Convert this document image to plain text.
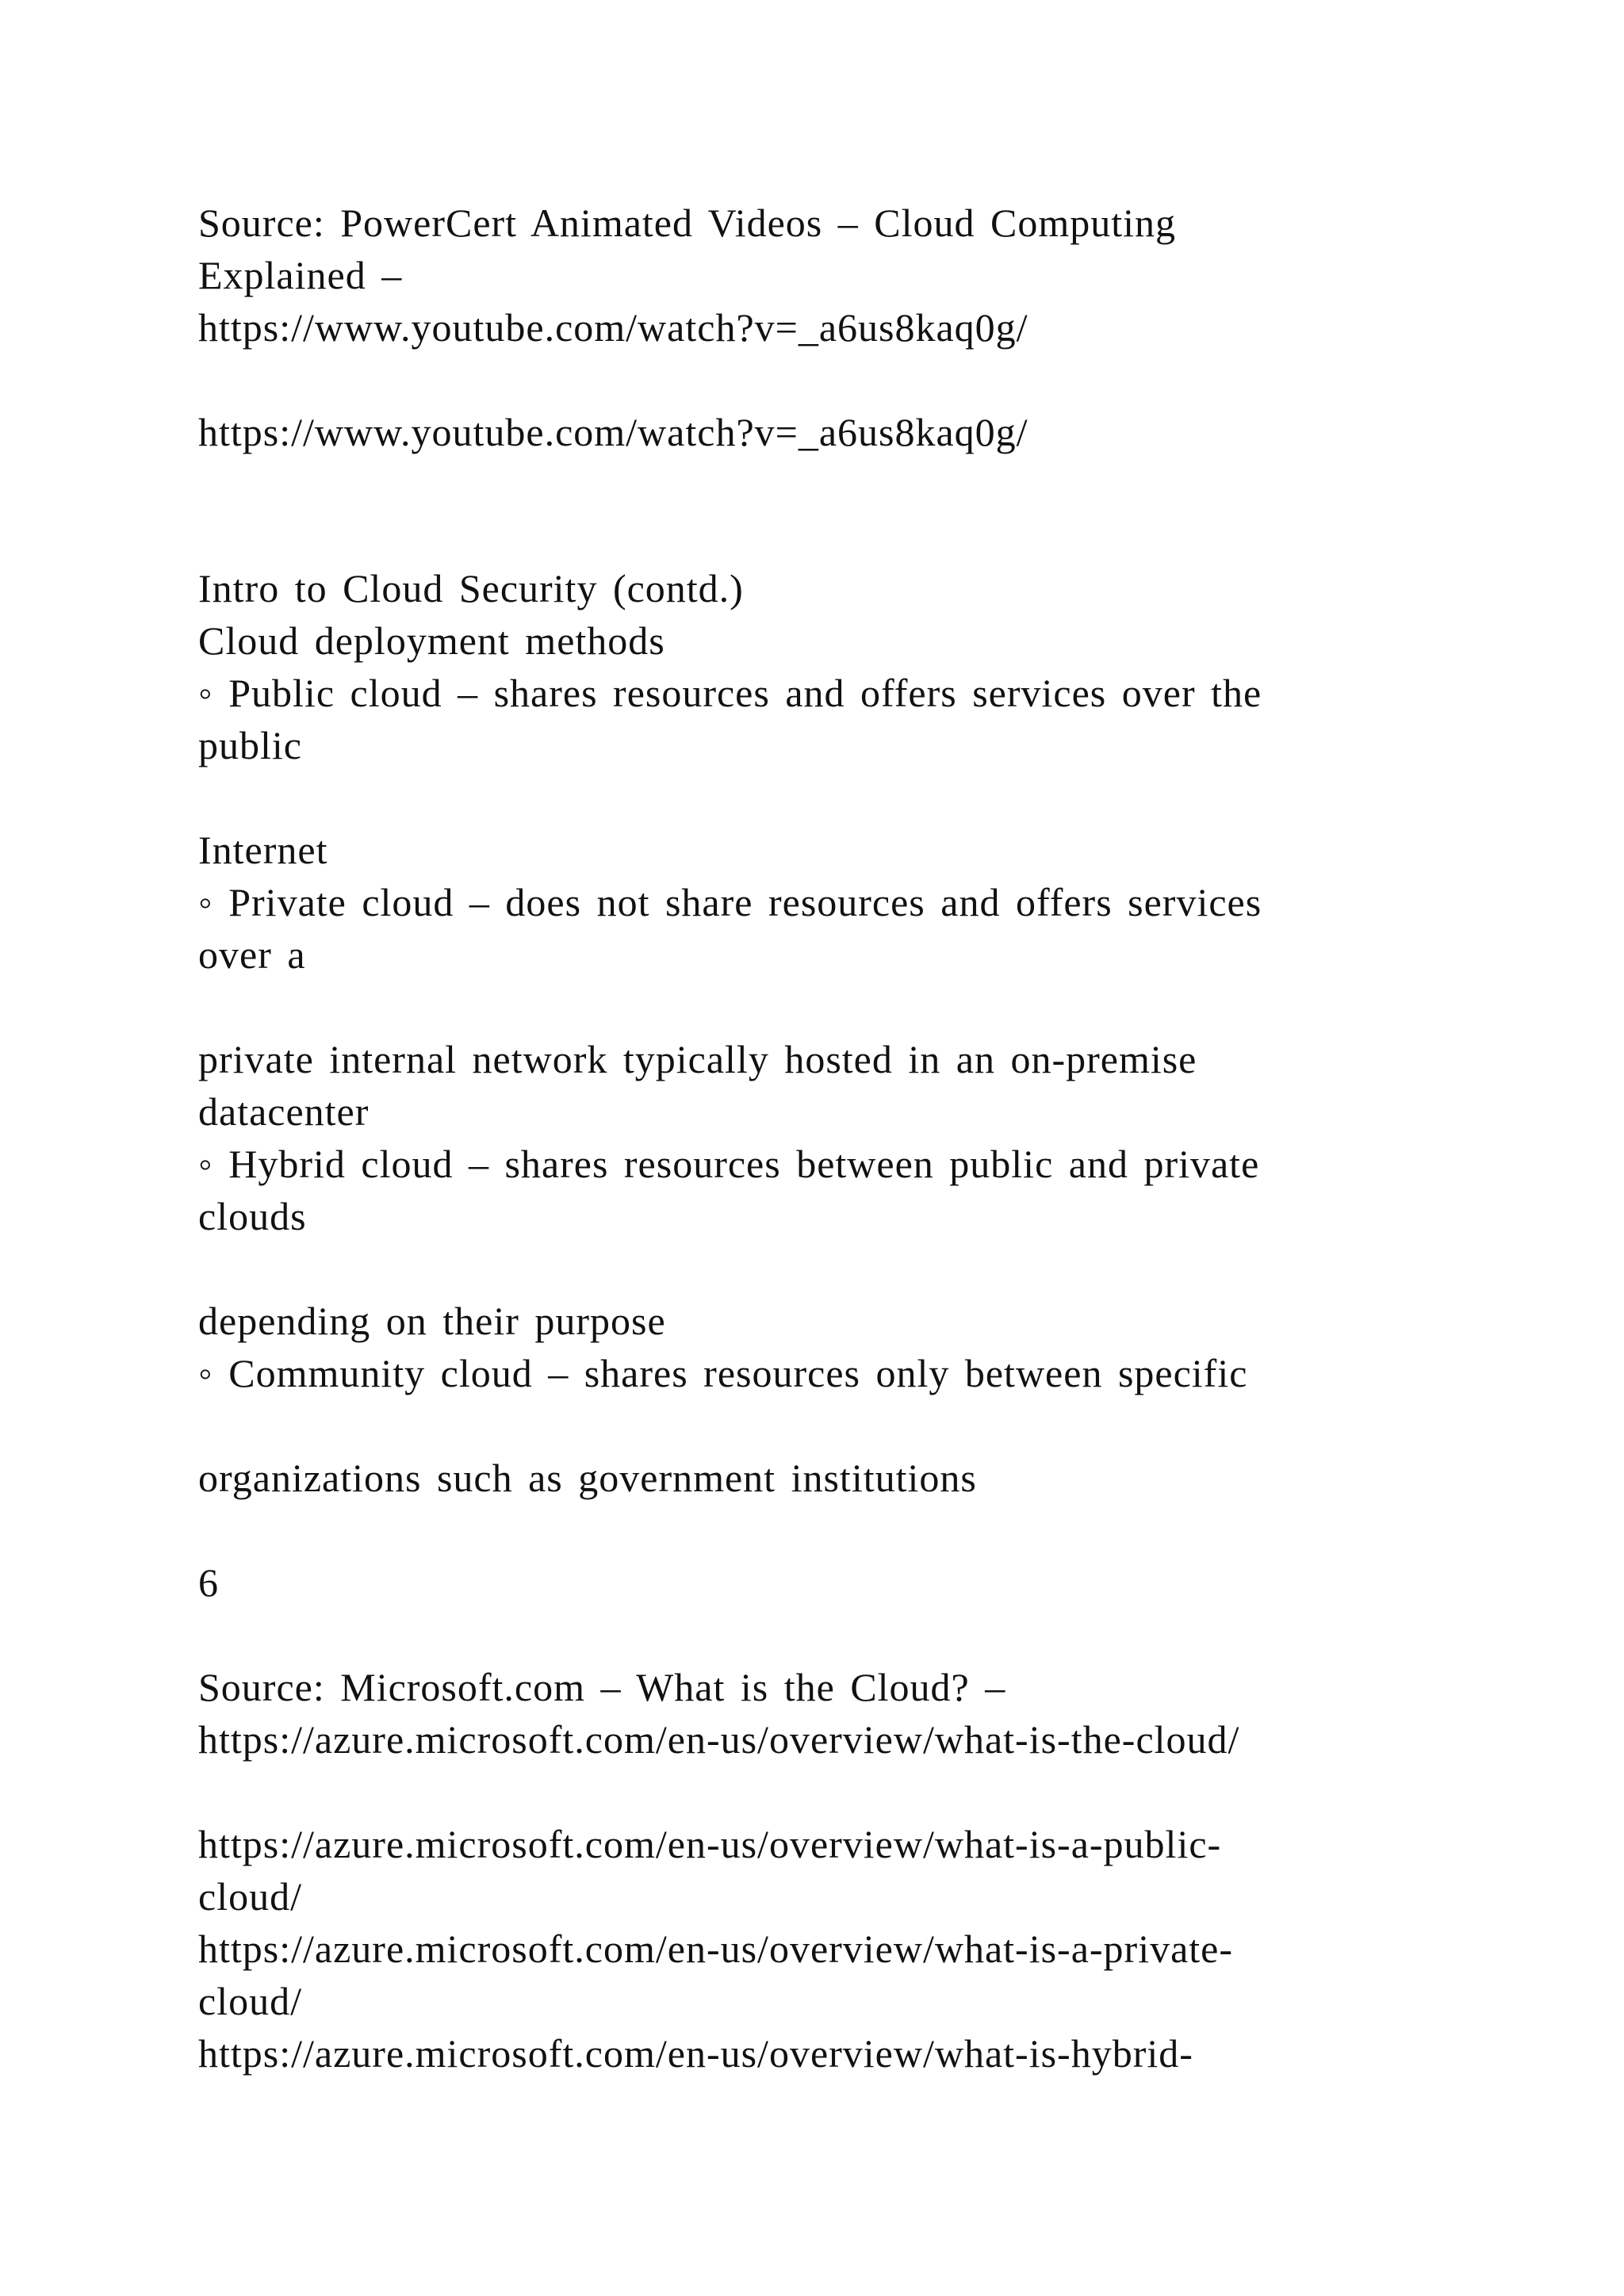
Source: PowerCert Animated Videos – Cloud Computing
Explained –
https://www.youtube.com/watch?v=_a6us8kaq0g/
https://www.youtube.com/watch?v=_a6us8kaq0g/
Intro to Cloud Security (contd.)
Cloud deployment methods
◦ Public cloud – shares resources and offers services over the
public
Internet
◦ Private cloud – does not share resources and offers services
over a
private internal network typically hosted in an on-premise
datacenter
◦ Hybrid cloud – shares resources between public and private
clouds
depending on their purpose
◦ Community cloud – shares resources only between specific
organizations such as government institutions
6
Source: Microsoft.com – What is the Cloud? –
https://azure.microsoft.com/en-us/overview/what-is-the-cloud/
https://azure.microsoft.com/en-us/overview/what-is-a-public-
cloud/
https://azure.microsoft.com/en-us/overview/what-is-a-private-
cloud/
https://azure.microsoft.com/en-us/overview/what-is-hybrid-
